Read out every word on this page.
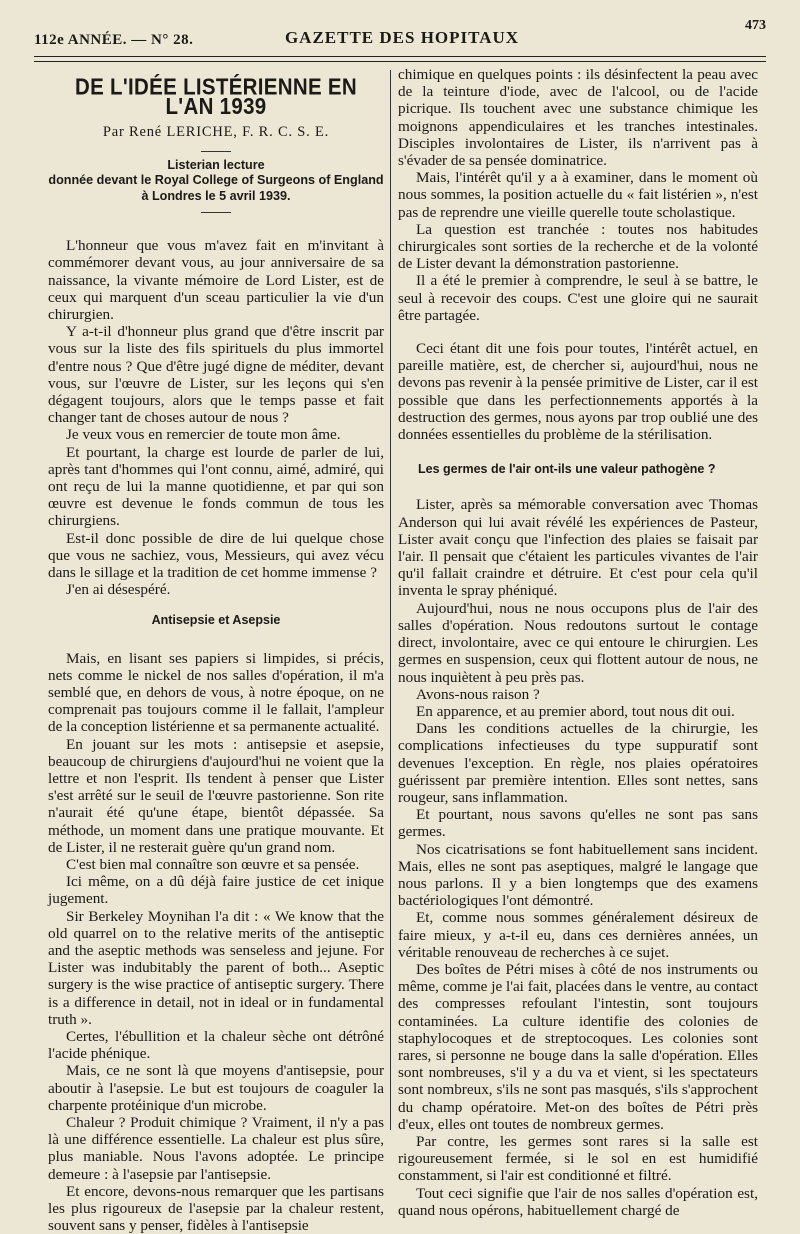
112e ANNÉE. — N° 28.	GAZETTE DES HOPITAUX
473
DE L'IDÉE LISTÉRIENNE EN L'AN 1939
Par René LERICHE, F. R. C. S. E.
Listerian lecture
donnée devant le Royal College of Surgeons of England
à Londres le 5 avril 1939.

L'honneur que vous m'avez fait en m'invitant à commémorer devant vous, au jour anniversaire de sa naissance, la vivante mémoire de Lord Lister, est de ceux qui marquent d'un sceau particulier la vie d'un chirurgien.

Y a-t-il d'honneur plus grand que d'être inscrit par vous sur la liste des fils spirituels du plus immortel d'entre nous ? Que d'être jugé digne de méditer, devant vous, sur l'œuvre de Lister, sur les leçons qui s'en dégagent toujours, alors que le temps passe et fait changer tant de choses autour de nous ?

Je veux vous en remercier de toute mon âme.

Et pourtant, la charge est lourde de parler de lui, après tant d'hommes qui l'ont connu, aimé, admiré, qui ont reçu de lui la manne quotidienne, et par qui son œuvre est devenue le fonds commun de tous les chirurgiens.

Est-il donc possible de dire de lui quelque chose que vous ne sachiez, vous, Messieurs, qui avez vécu dans le sillage et la tradition de cet homme immense ?

J'en ai désespéré.

Antisepsie et Asepsie

Mais, en lisant ses papiers si limpides, si précis, nets comme le nickel de nos salles d'opération, il m'a semblé que, en dehors de vous, à notre époque, on ne comprenait pas toujours comme il le fallait, l'ampleur de la conception listérienne et sa permanente actualité.

En jouant sur les mots : antisepsie et asepsie, beaucoup de chirurgiens d'aujourd'hui ne voient que la lettre et non l'esprit. Ils tendent à penser que Lister s'est arrêté sur le seuil de l'œuvre pastorienne. Son rite n'aurait été qu'une étape, bientôt dépassée. Sa méthode, un moment dans une pratique mouvante. Et de Lister, il ne resterait guère qu'un grand nom.

C'est bien mal connaître son œuvre et sa pensée.

Ici même, on a dû déjà faire justice de cet inique jugement.

Sir Berkeley Moynihan l'a dit : « We know that the old quarrel on to the relative merits of the antiseptic and the aseptic methods was senseless and jejune. For Lister was indubitably the parent of both... Aseptic surgery is the wise practice of antiseptic surgery. There is a difference in detail, not in ideal or in fundamental truth ».

Certes, l'ébullition et la chaleur sèche ont détrôné l'acide phénique.

Mais, ce ne sont là que moyens d'antisepsie, pour aboutir à l'asepsie. Le but est toujours de coaguler la charpente protéinique d'un microbe.

Chaleur ? Produit chimique ? Vraiment, il n'y a pas là une différence essentielle. La chaleur est plus sûre, plus maniable. Nous l'avons adoptée. Le principe demeure : à l'asepsie par l'antisepsie.

Et encore, devons-nous remarquer que les partisans les plus rigoureux de l'asepsie par la chaleur restent, souvent sans y penser, fidèles à l'antisepsie

chimique en quelques points : ils désinfectent la peau avec de la teinture d'iode, avec de l'alcool, ou de l'acide picrique. Ils touchent avec une substance chimique les moignons appendiculaires et les tranches intestinales. Disciples involontaires de Lister, ils n'arrivent pas à s'évader de sa pensée dominatrice.

Mais, l'intérêt qu'il y a à examiner, dans le moment où nous sommes, la position actuelle du « fait listérien », n'est pas de reprendre une vieille querelle toute scholastique.

La question est tranchée : toutes nos habitudes chirurgicales sont sorties de la recherche et de la volonté de Lister devant la démonstration pastorienne.

Il a été le premier à comprendre, le seul à se battre, le seul à recevoir des coups. C'est une gloire qui ne saurait être partagée.

Ceci étant dit une fois pour toutes, l'intérêt actuel, en pareille matière, est, de chercher si, aujourd'hui, nous ne devons pas revenir à la pensée primitive de Lister, car il est possible que dans les perfectionnements apportés à la destruction des germes, nous ayons par trop oublié une des données essentielles du problème de la stérilisation.

Les germes de l'air ont-ils une valeur pathogène ?

Lister, après sa mémorable conversation avec Thomas Anderson qui lui avait révélé les expériences de Pasteur, Lister avait conçu que l'infection des plaies se faisait par l'air. Il pensait que c'étaient les particules vivantes de l'air qu'il fallait craindre et détruire. Et c'est pour cela qu'il inventa le spray phéniqué.

Aujourd'hui, nous ne nous occupons plus de l'air des salles d'opération. Nous redoutons surtout le contage direct, involontaire, avec ce qui entoure le chirurgien. Les germes en suspension, ceux qui flottent autour de nous, ne nous inquiètent à peu près pas.

Avons-nous raison ?

En apparence, et au premier abord, tout nous dit oui.

Dans les conditions actuelles de la chirurgie, les complications infectieuses du type suppuratif sont devenues l'exception. En règle, nos plaies opératoires guérissent par première intention. Elles sont nettes, sans rougeur, sans inflammation.

Et pourtant, nous savons qu'elles ne sont pas sans germes.

Nos cicatrisations se font habituellement sans incident. Mais, elles ne sont pas aseptiques, malgré le langage que nous parlons. Il y a bien longtemps que des examens bactériologiques l'ont démontré.

Et, comme nous sommes généralement désireux de faire mieux, y a-t-il eu, dans ces dernières années, un véritable renouveau de recherches à ce sujet.

Des boîtes de Pétri mises à côté de nos instruments ou même, comme je l'ai fait, placées dans le ventre, au contact des compresses refoulant l'intestin, sont toujours contaminées. La culture identifie des colonies de staphylocoques et de streptocoques. Les colonies sont rares, si personne ne bouge dans la salle d'opération. Elles sont nombreuses, s'il y a du va et vient, si les spectateurs sont nombreux, s'ils ne sont pas masqués, s'ils s'approchent du champ opératoire. Met-on des boîtes de Pétri près d'eux, elles ont toutes de nombreux germes.

Par contre, les germes sont rares si la salle est rigoureusement fermée, si le sol en est humidifié constamment, si l'air est conditionné et filtré.

Tout ceci signifie que l'air de nos salles d'opération est, quand nous opérons, habituellement chargé de
